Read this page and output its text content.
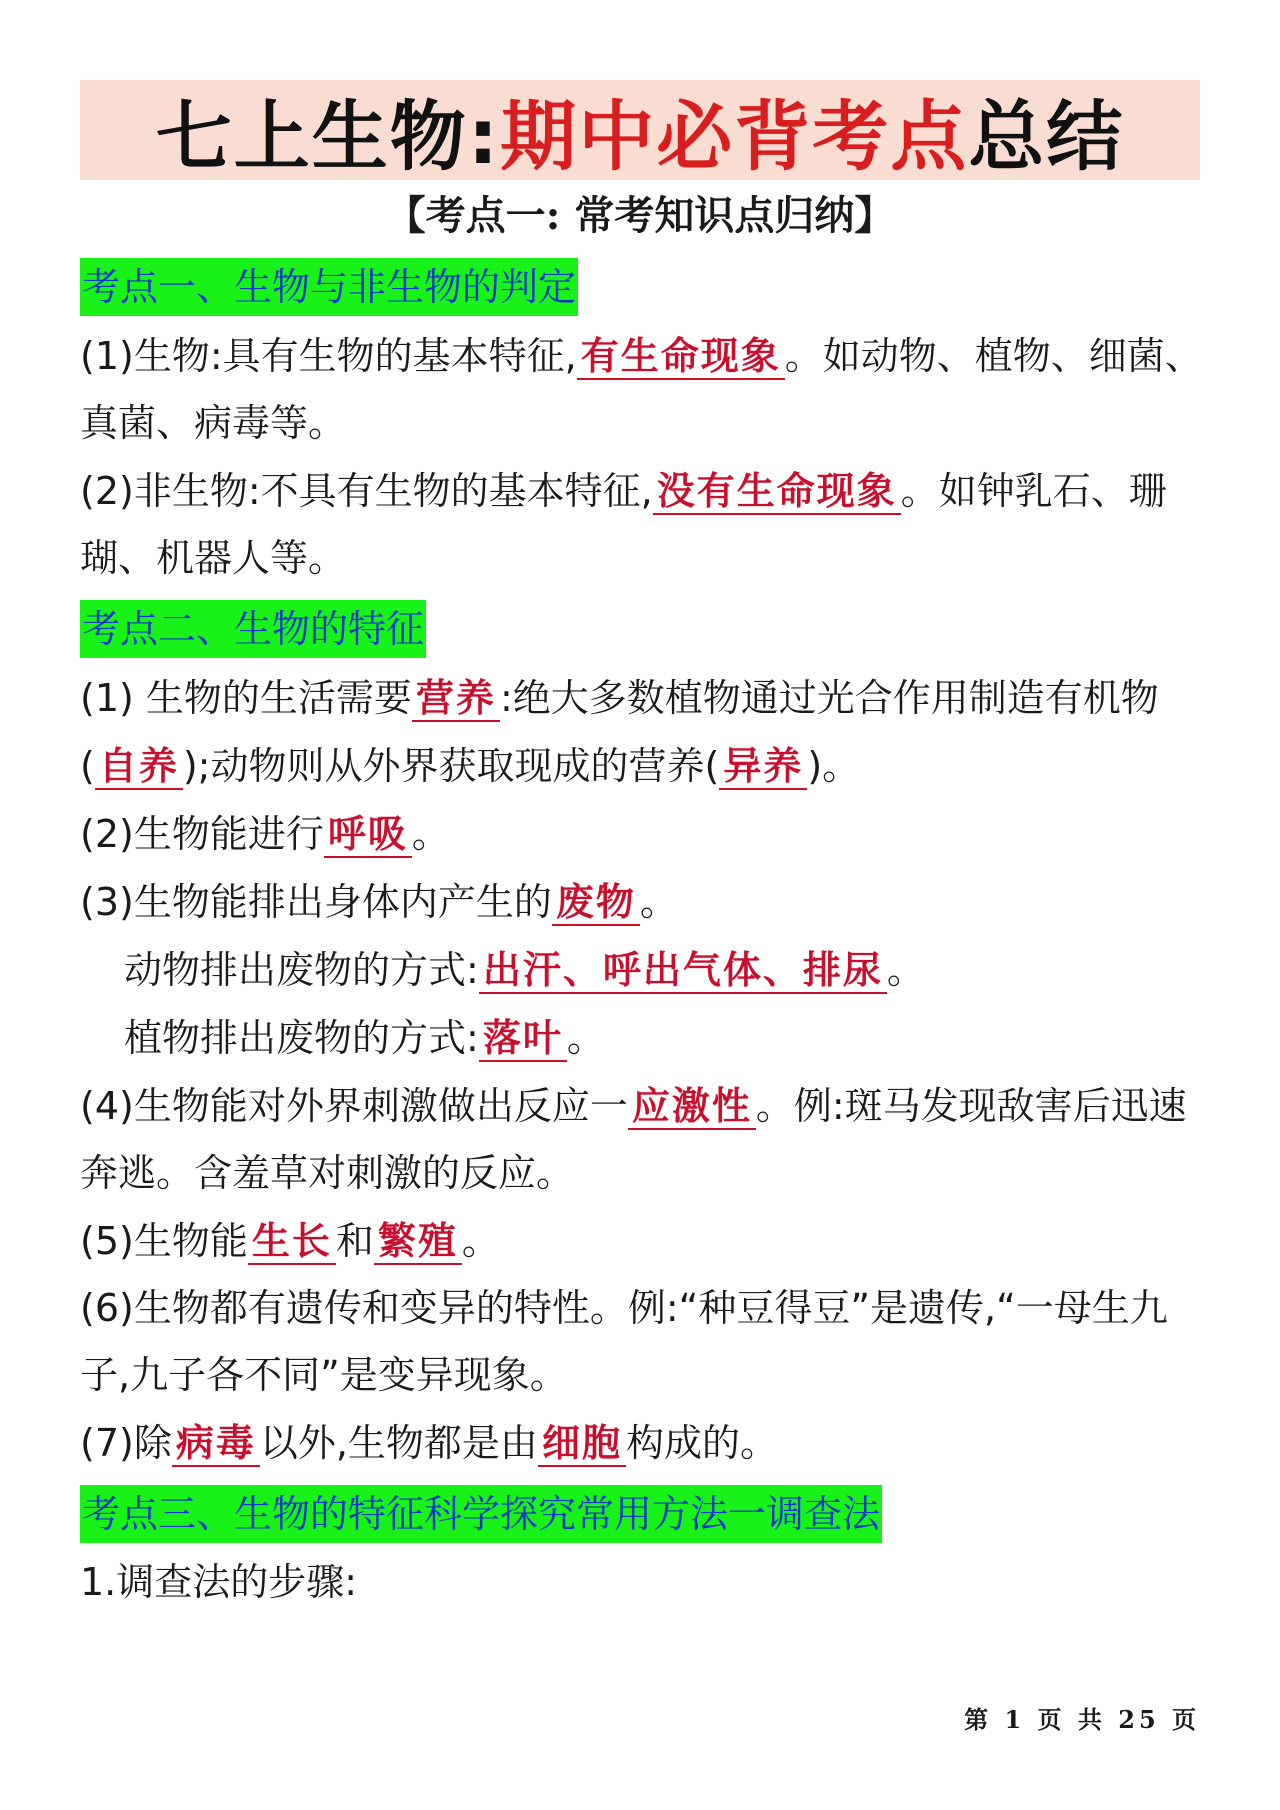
七上生物: 期中必背考点 总结
【考点一: 常考知识点归纳】
考点一、生物与非生物的判定

(1)生物:具有生物的基本特征, 有生命现象 。如动物、植物、细菌、真菌、病毒等。

(2)非生物:不具有生物的基本特征, 没有生命现象 。如钟乳石、珊瑚、机器人等。

考点二、生物的特征

(1) 生物的生活需要 营养 :绝大多数植物通过光合作用制造有机物( 自养 );动物则从外界获取现成的营养( 异养 )。

(2)生物能进行 呼吸 。

(3)生物能排出身体内产生的 废物 。

动物排出废物的方式: 出汗、呼出气体、排尿 。

植物排出废物的方式: 落叶 。

(4)生物能对外界刺激做出反应一 应激性 。例:斑马发现敌害后迅速奔逃。含羞草对刺激的反应。

(5)生物能 生长 和 繁殖 。

(6)生物都有遗传和变异的特性。例:“种豆得豆”是遗传,“一母生九子,九子各不同”是变异现象。

(7)除 病毒 以外,生物都是由 细胞 构成的。

考点三、生物的特征科学探究常用方法一调查法

1.调查法的步骤:

第 1 页 共 25 页
